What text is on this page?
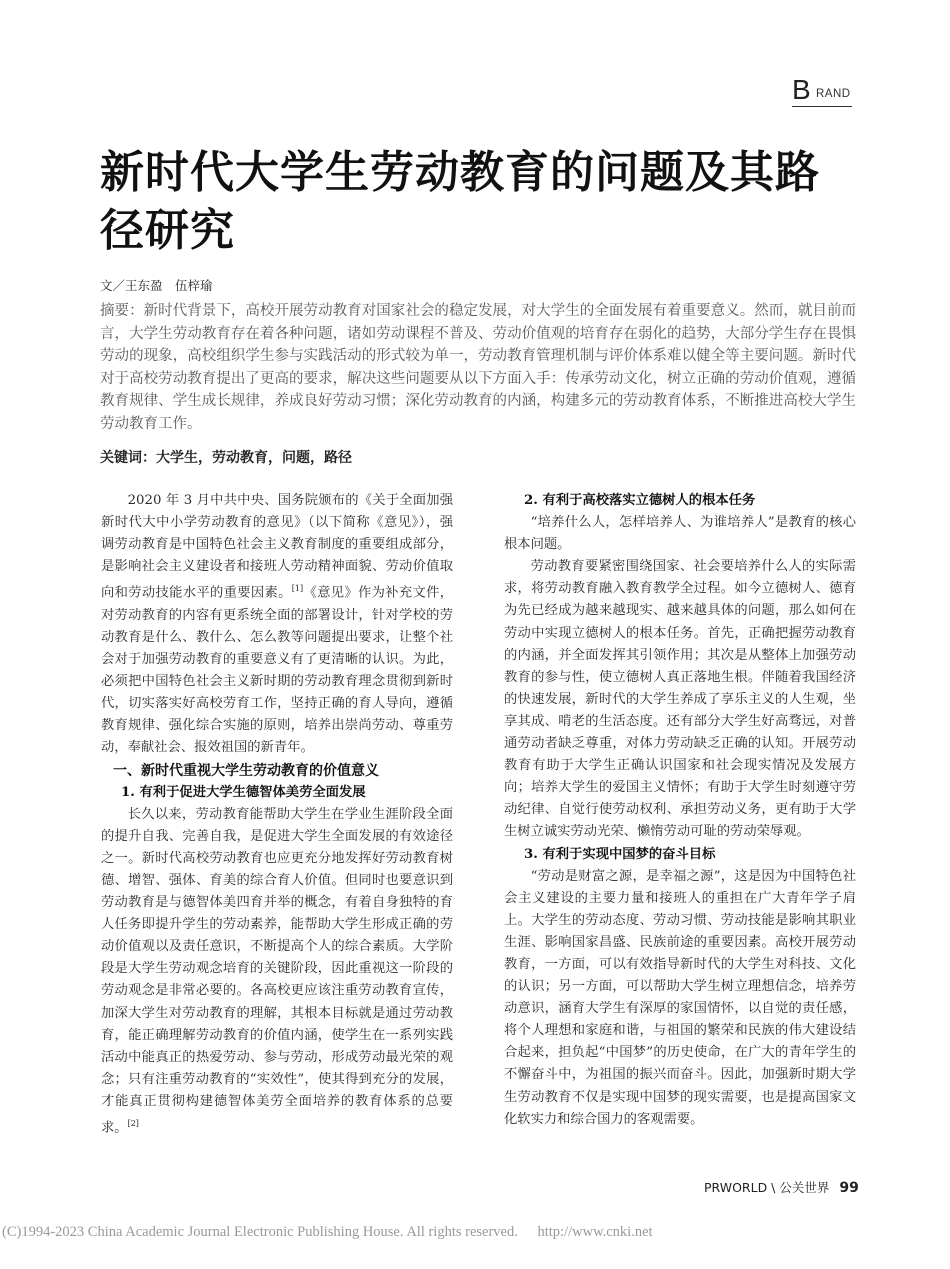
B RAND
新时代大学生劳动教育的问题及其路径研究
文／王东盈　伍梓瑜
摘要：新时代背景下，高校开展劳动教育对国家社会的稳定发展，对大学生的全面发展有着重要意义。然而，就目前而言，大学生劳动教育存在着各种问题，诸如劳动课程不普及、劳动价值观的培育存在弱化的趋势，大部分学生存在畏惧劳动的现象，高校组织学生参与实践活动的形式较为单一，劳动教育管理机制与评价体系难以健全等主要问题。新时代对于高校劳动教育提出了更高的要求，解决这些问题要从以下方面入手：传承劳动文化，树立正确的劳动价值观，遵循教育规律、学生成长规律，养成良好劳动习惯；深化劳动教育的内涵，构建多元的劳动教育体系，不断推进高校大学生劳动教育工作。
关键词：大学生，劳动教育，问题，路径

2020 年 3 月中共中央、国务院颁布的《关于全面加强新时代大中小学劳动教育的意见》（以下简称《意见》），强调劳动教育是中国特色社会主义教育制度的重要组成部分，是影响社会主义建设者和接班人劳动精神面貌、劳动价值取向和劳动技能水平的重要因素。[1]《意见》作为补充文件，对劳动教育的内容有更系统全面的部署设计，针对学校的劳动教育是什么、教什么、怎么教等问题提出要求，让整个社会对于加强劳动教育的重要意义有了更清晰的认识。为此，必须把中国特色社会主义新时期的劳动教育理念贯彻到新时代，切实落实好高校劳育工作，坚持正确的育人导向，遵循教育规律、强化综合实施的原则，培养出崇尚劳动、尊重劳动，奉献社会、报效祖国的新青年。

一、新时代重视大学生劳动教育的价值意义

1. 有利于促进大学生德智体美劳全面发展

长久以来，劳动教育能帮助大学生在学业生涯阶段全面的提升自我、完善自我，是促进大学生全面发展的有效途径之一。新时代高校劳动教育也应更充分地发挥好劳动教育树德、增智、强体、育美的综合育人价值。但同时也要意识到劳动教育是与德智体美四育并举的概念，有着自身独特的育人任务即提升学生的劳动素养，能帮助大学生形成正确的劳动价值观以及责任意识，不断提高个人的综合素质。大学阶段是大学生劳动观念培育的关键阶段，因此重视这一阶段的劳动观念是非常必要的。各高校更应该注重劳动教育宣传，加深大学生对劳动教育的理解，其根本目标就是通过劳动教育，能正确理解劳动教育的价值内涵，使学生在一系列实践活动中能真正的热爱劳动、参与劳动，形成劳动最光荣的观念；只有注重劳动教育的“实效性”，使其得到充分的发展，才能真正贯彻构建德智体美劳全面培养的教育体系的总要求。[2]

2. 有利于高校落实立德树人的根本任务

“培养什么人，怎样培养人、为谁培养人”是教育的核心根本问题。

劳动教育要紧密围绕国家、社会要培养什么人的实际需求，将劳动教育融入教育教学全过程。如今立德树人、德育为先已经成为越来越现实、越来越具体的问题，那么如何在劳动中实现立德树人的根本任务。首先，正确把握劳动教育的内涵，并全面发挥其引领作用；其次是从整体上加强劳动教育的参与性，使立德树人真正落地生根。伴随着我国经济的快速发展，新时代的大学生养成了享乐主义的人生观，坐享其成、啃老的生活态度。还有部分大学生好高骛远，对普通劳动者缺乏尊重，对体力劳动缺乏正确的认知。开展劳动教育有助于大学生正确认识国家和社会现实情况及发展方向；培养大学生的爱国主义情怀；有助于大学生时刻遵守劳动纪律、自觉行使劳动权利、承担劳动义务，更有助于大学生树立诚实劳动光荣、懒惰劳动可耻的劳动荣辱观。

3. 有利于实现中国梦的奋斗目标

“劳动是财富之源，是幸福之源”，这是因为中国特色社会主义建设的主要力量和接班人的重担在广大青年学子肩上。大学生的劳动态度、劳动习惯、劳动技能是影响其职业生涯、影响国家昌盛、民族前途的重要因素。高校开展劳动教育，一方面，可以有效指导新时代的大学生对科技、文化的认识；另一方面，可以帮助大学生树立理想信念，培养劳动意识，涵育大学生有深厚的家国情怀，以自觉的责任感，将个人理想和家庭和谐，与祖国的繁荣和民族的伟大建设结合起来，担负起“中国梦”的历史使命，在广大的青年学生的不懈奋斗中，为祖国的振兴而奋斗。因此，加强新时期大学生劳动教育不仅是实现中国梦的现实需要，也是提高国家文化软实力和综合国力的客观需要。

PRWORLD \ 公关世界 99
(C)1994-2023 China Academic Journal Electronic Publishing House. All rights reserved. http://www.cnki.net
